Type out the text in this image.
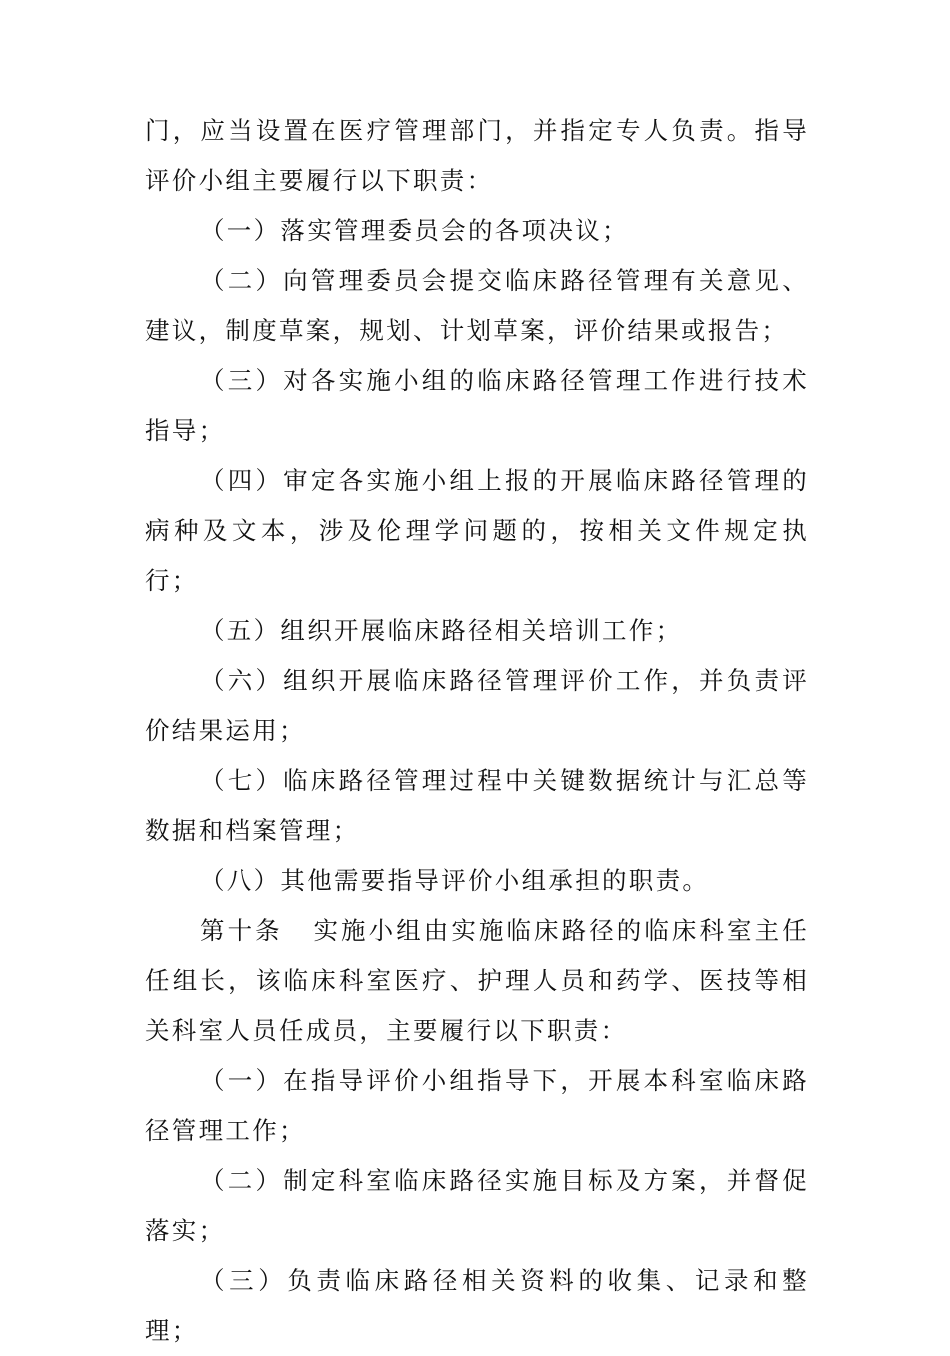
门，应当设置在医疗管理部门，并指定专人负责。指导评价小组主要履行以下职责：

（一）落实管理委员会的各项决议；

（二）向管理委员会提交临床路径管理有关意见、建议，制度草案，规划、计划草案，评价结果或报告；

（三）对各实施小组的临床路径管理工作进行技术指导；

（四）审定各实施小组上报的开展临床路径管理的病种及文本，涉及伦理学问题的，按相关文件规定执行；

（五）组织开展临床路径相关培训工作；

（六）组织开展临床路径管理评价工作，并负责评价结果运用；

（七）临床路径管理过程中关键数据统计与汇总等数据和档案管理；

（八）其他需要指导评价小组承担的职责。

第十条 实施小组由实施临床路径的临床科室主任任组长，该临床科室医疗、护理人员和药学、医技等相关科室人员任成员，主要履行以下职责：

（一）在指导评价小组指导下，开展本科室临床路径管理工作；

（二）制定科室临床路径实施目标及方案，并督促落实；

（三）负责临床路径相关资料的收集、记录和整理；
